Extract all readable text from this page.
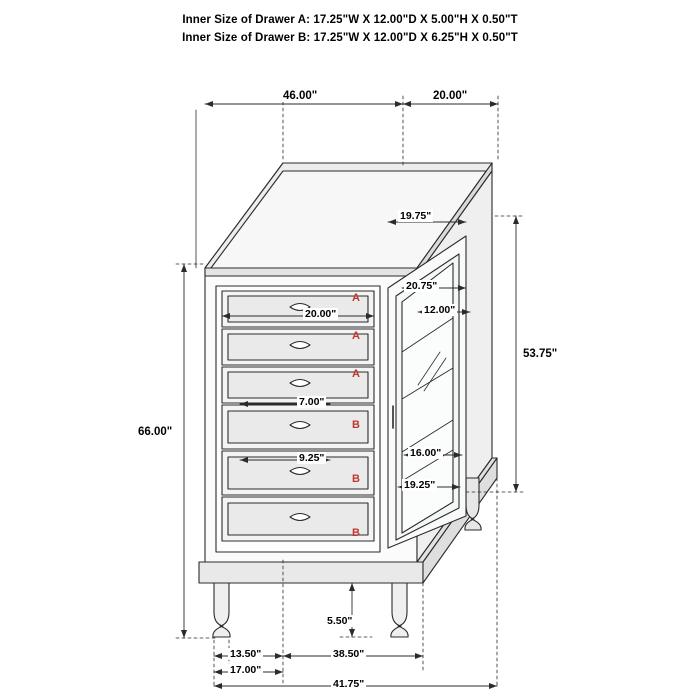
Inner Size of Drawer A: 17.25"W X 12.00"D X 5.00"H X 0.50"T
Inner Size of Drawer B: 17.25"W X 12.00"D X 6.25"H X 0.50"T
46.00"	20.00"
19.75"
53.75"
66.00"
20.00"
7.00"
9.25"
20.75"
12.00"
16.00"
19.25"
5.50"
13.50"	38.50"
17.00"
41.75"
A
A
A
B
B
B
